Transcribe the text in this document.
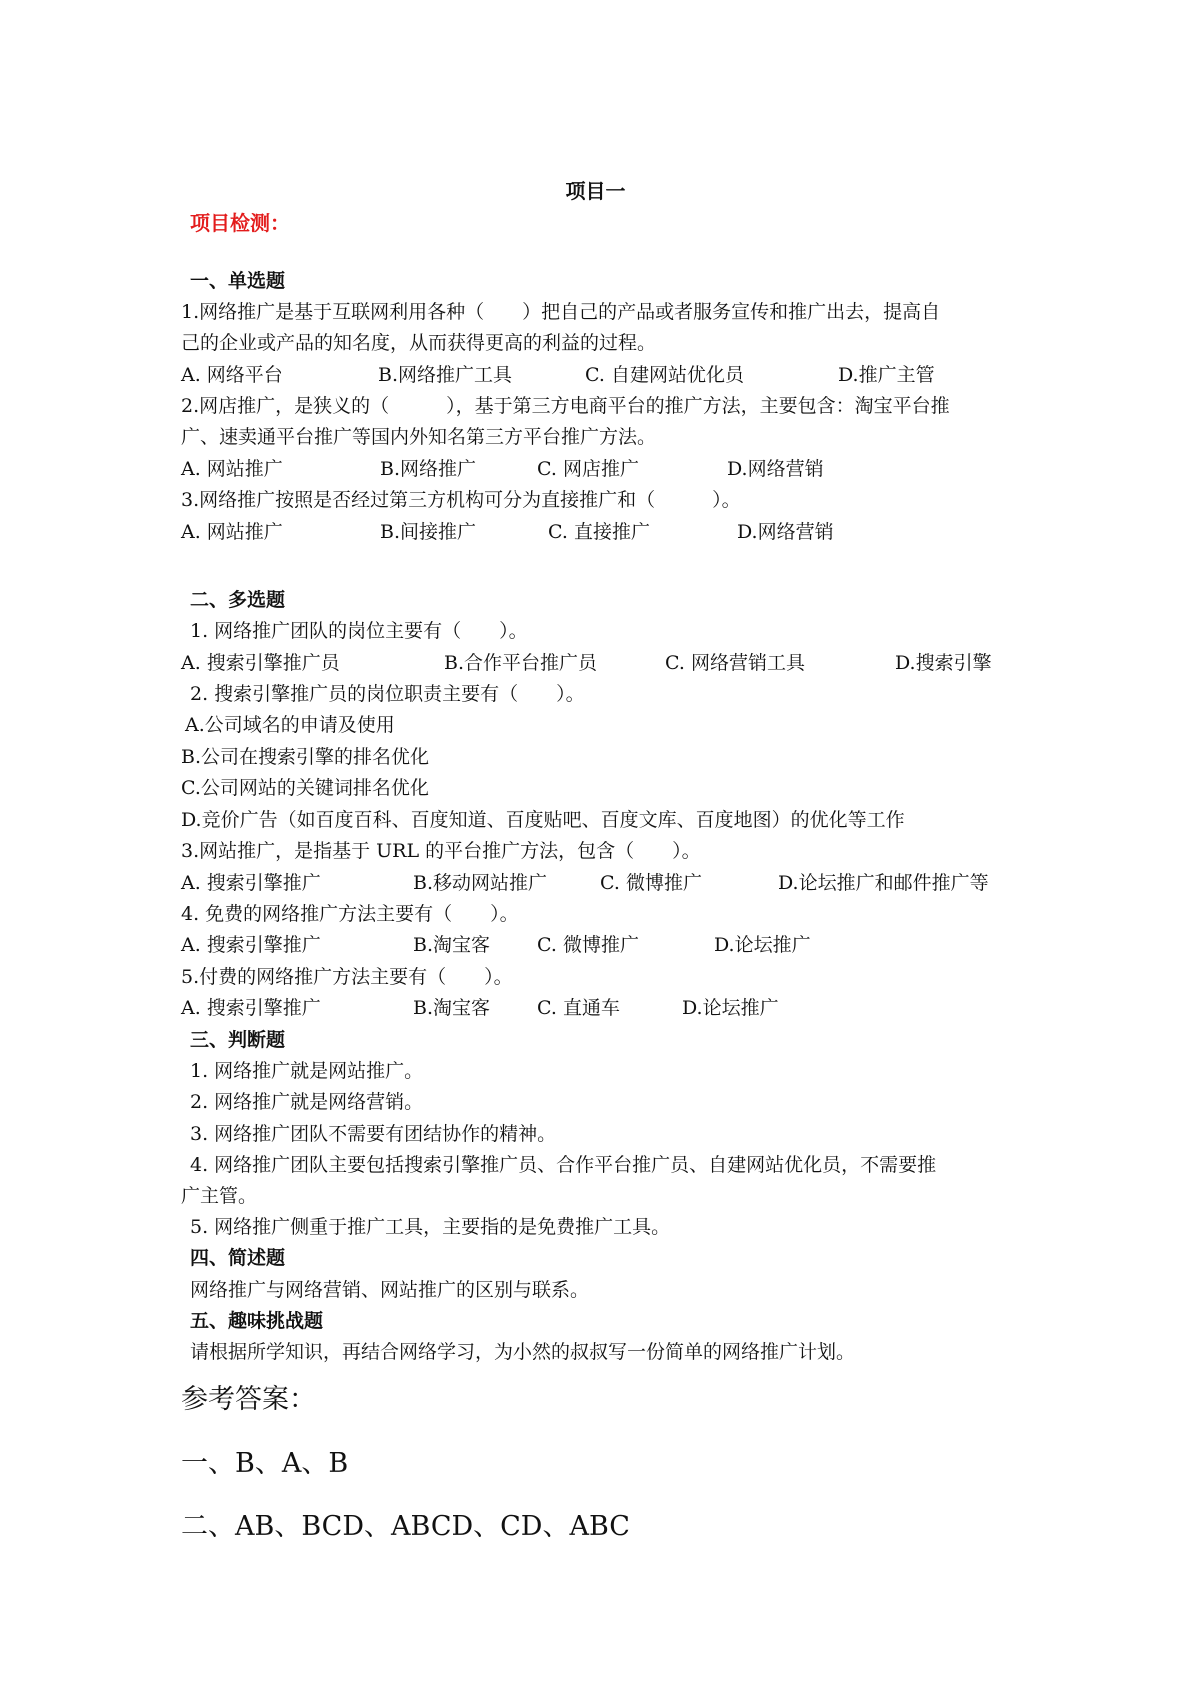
项目一
项目检测：
一、单选题
1.网络推广是基于互联网利用各种（　　）把自己的产品或者服务宣传和推广出去，提高自
己的企业或产品的知名度，从而获得更高的利益的过程。
A. 网络平台	B.网络推广工具	C. 自建网站优化员	D.推广主管
2.网店推广，是狭义的（　　　），基于第三方电商平台的推广方法，主要包含：淘宝平台推
广、速卖通平台推广等国内外知名第三方平台推广方法。
A. 网站推广	B.网络推广	C. 网店推广	D.网络营销
3.网络推广按照是否经过第三方机构可分为直接推广和（　　　）。
A. 网站推广	B.间接推广	C. 直接推广	D.网络营销
二、多选题
1. 网络推广团队的岗位主要有（　　）。
A. 搜索引擎推广员	B.合作平台推广员	C. 网络营销工具	D.搜索引擎
2. 搜索引擎推广员的岗位职责主要有（　　）。
A.公司域名的申请及使用
B.公司在搜索引擎的排名优化
C.公司网站的关键词排名优化
D.竞价广告（如百度百科、百度知道、百度贴吧、百度文库、百度地图）的优化等工作
3.网站推广，是指基于 URL 的平台推广方法，包含（　　）。
A. 搜索引擎推广	B.移动网站推广	C. 微博推广	D.论坛推广和邮件推广等
4. 免费的网络推广方法主要有（　　）。
A. 搜索引擎推广	B.淘宝客 C. 微博推广	D.论坛推广
5.付费的网络推广方法主要有（　　）。
A. 搜索引擎推广	B.淘宝客 C. 直通车	D.论坛推广
三、判断题
1. 网络推广就是网站推广。
2. 网络推广就是网络营销。
3. 网络推广团队不需要有团结协作的精神。
4. 网络推广团队主要包括搜索引擎推广员、合作平台推广员、自建网站优化员，不需要推
广主管。
5. 网络推广侧重于推广工具，主要指的是免费推广工具。
四、简述题
网络推广与网络营销、网站推广的区别与联系。
五、趣味挑战题
请根据所学知识，再结合网络学习，为小然的叔叔写一份简单的网络推广计划。
参考答案：
一、B、A、B
二、AB、BCD、ABCD、CD、ABC
